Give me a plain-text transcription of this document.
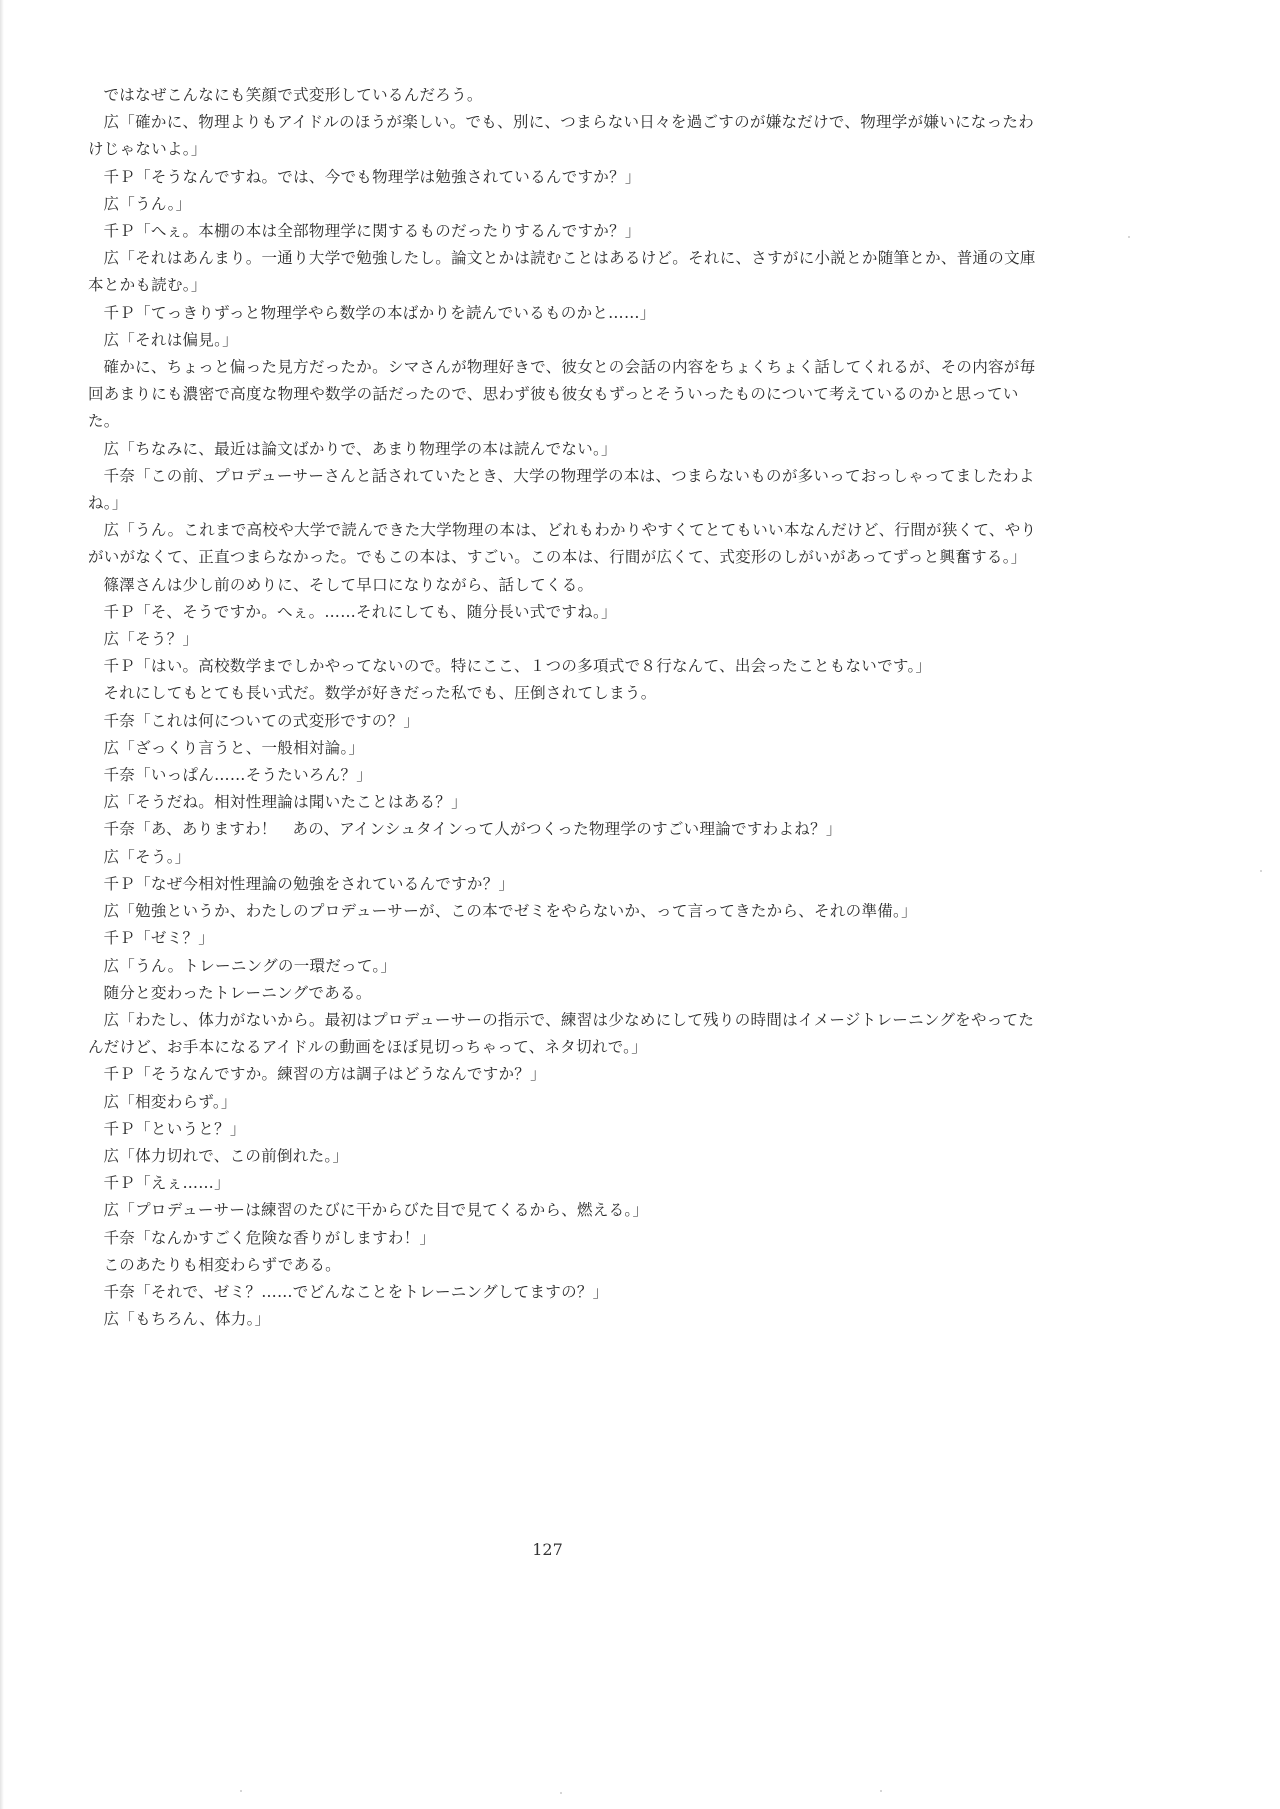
ではなぜこんなにも笑顔で式変形しているんだろう。
広「確かに、物理よりもアイドルのほうが楽しい。でも、別に、つまらない日々を過ごすのが嫌なだけで、物理学が嫌いになったわけじゃないよ。」
千Ｐ「そうなんですね。では、今でも物理学は勉強されているんですか？」
広「うん。」
千Ｐ「へぇ。本棚の本は全部物理学に関するものだったりするんですか？」
広「それはあんまり。一通り大学で勉強したし。論文とかは読むことはあるけど。それに、さすがに小説とか随筆とか、普通の文庫本とかも読む。」
千Ｐ「てっきりずっと物理学やら数学の本ばかりを読んでいるものかと……」
広「それは偏見。」
確かに、ちょっと偏った見方だったか。シマさんが物理好きで、彼女との会話の内容をちょくちょく話してくれるが、その内容が毎回あまりにも濃密で高度な物理や数学の話だったので、思わず彼も彼女もずっとそういったものについて考えているのかと思っていた。
広「ちなみに、最近は論文ばかりで、あまり物理学の本は読んでない。」
千奈「この前、プロデューサーさんと話されていたとき、大学の物理学の本は、つまらないものが多いっておっしゃってましたわよね。」
広「うん。これまで高校や大学で読んできた大学物理の本は、どれもわかりやすくてとてもいい本なんだけど、行間が狭くて、やりがいがなくて、正直つまらなかった。でもこの本は、すごい。この本は、行間が広くて、式変形のしがいがあってずっと興奮する。」
篠澤さんは少し前のめりに、そして早口になりながら、話してくる。
千Ｐ「そ、そうですか。へぇ。……それにしても、随分長い式ですね。」
広「そう？」
千Ｐ「はい。高校数学までしかやってないので。特にここ、１つの多項式で８行なんて、出会ったこともないです。」
それにしてもとても長い式だ。数学が好きだった私でも、圧倒されてしまう。
千奈「これは何についての式変形ですの？」
広「ざっくり言うと、一般相対論。」
千奈「いっぱん……そうたいろん？」
広「そうだね。相対性理論は聞いたことはある？」
千奈「あ、ありますわ！　あの、アインシュタインって人がつくった物理学のすごい理論ですわよね？」
広「そう。」
千Ｐ「なぜ今相対性理論の勉強をされているんですか？」
広「勉強というか、わたしのプロデューサーが、この本でゼミをやらないか、って言ってきたから、それの準備。」
千Ｐ「ゼミ？」
広「うん。トレーニングの一環だって。」
随分と変わったトレーニングである。
広「わたし、体力がないから。最初はプロデューサーの指示で、練習は少なめにして残りの時間はイメージトレーニングをやってたんだけど、お手本になるアイドルの動画をほぼ見切っちゃって、ネタ切れで。」
千Ｐ「そうなんですか。練習の方は調子はどうなんですか？」
広「相変わらず。」
千Ｐ「というと？」
広「体力切れで、この前倒れた。」
千Ｐ「えぇ……」
広「プロデューサーは練習のたびに干からびた目で見てくるから、燃える。」
千奈「なんかすごく危険な香りがしますわ！」
このあたりも相変わらずである。
千奈「それで、ゼミ？……でどんなことをトレーニングしてますの？」
広「もちろん、体力。」
127
